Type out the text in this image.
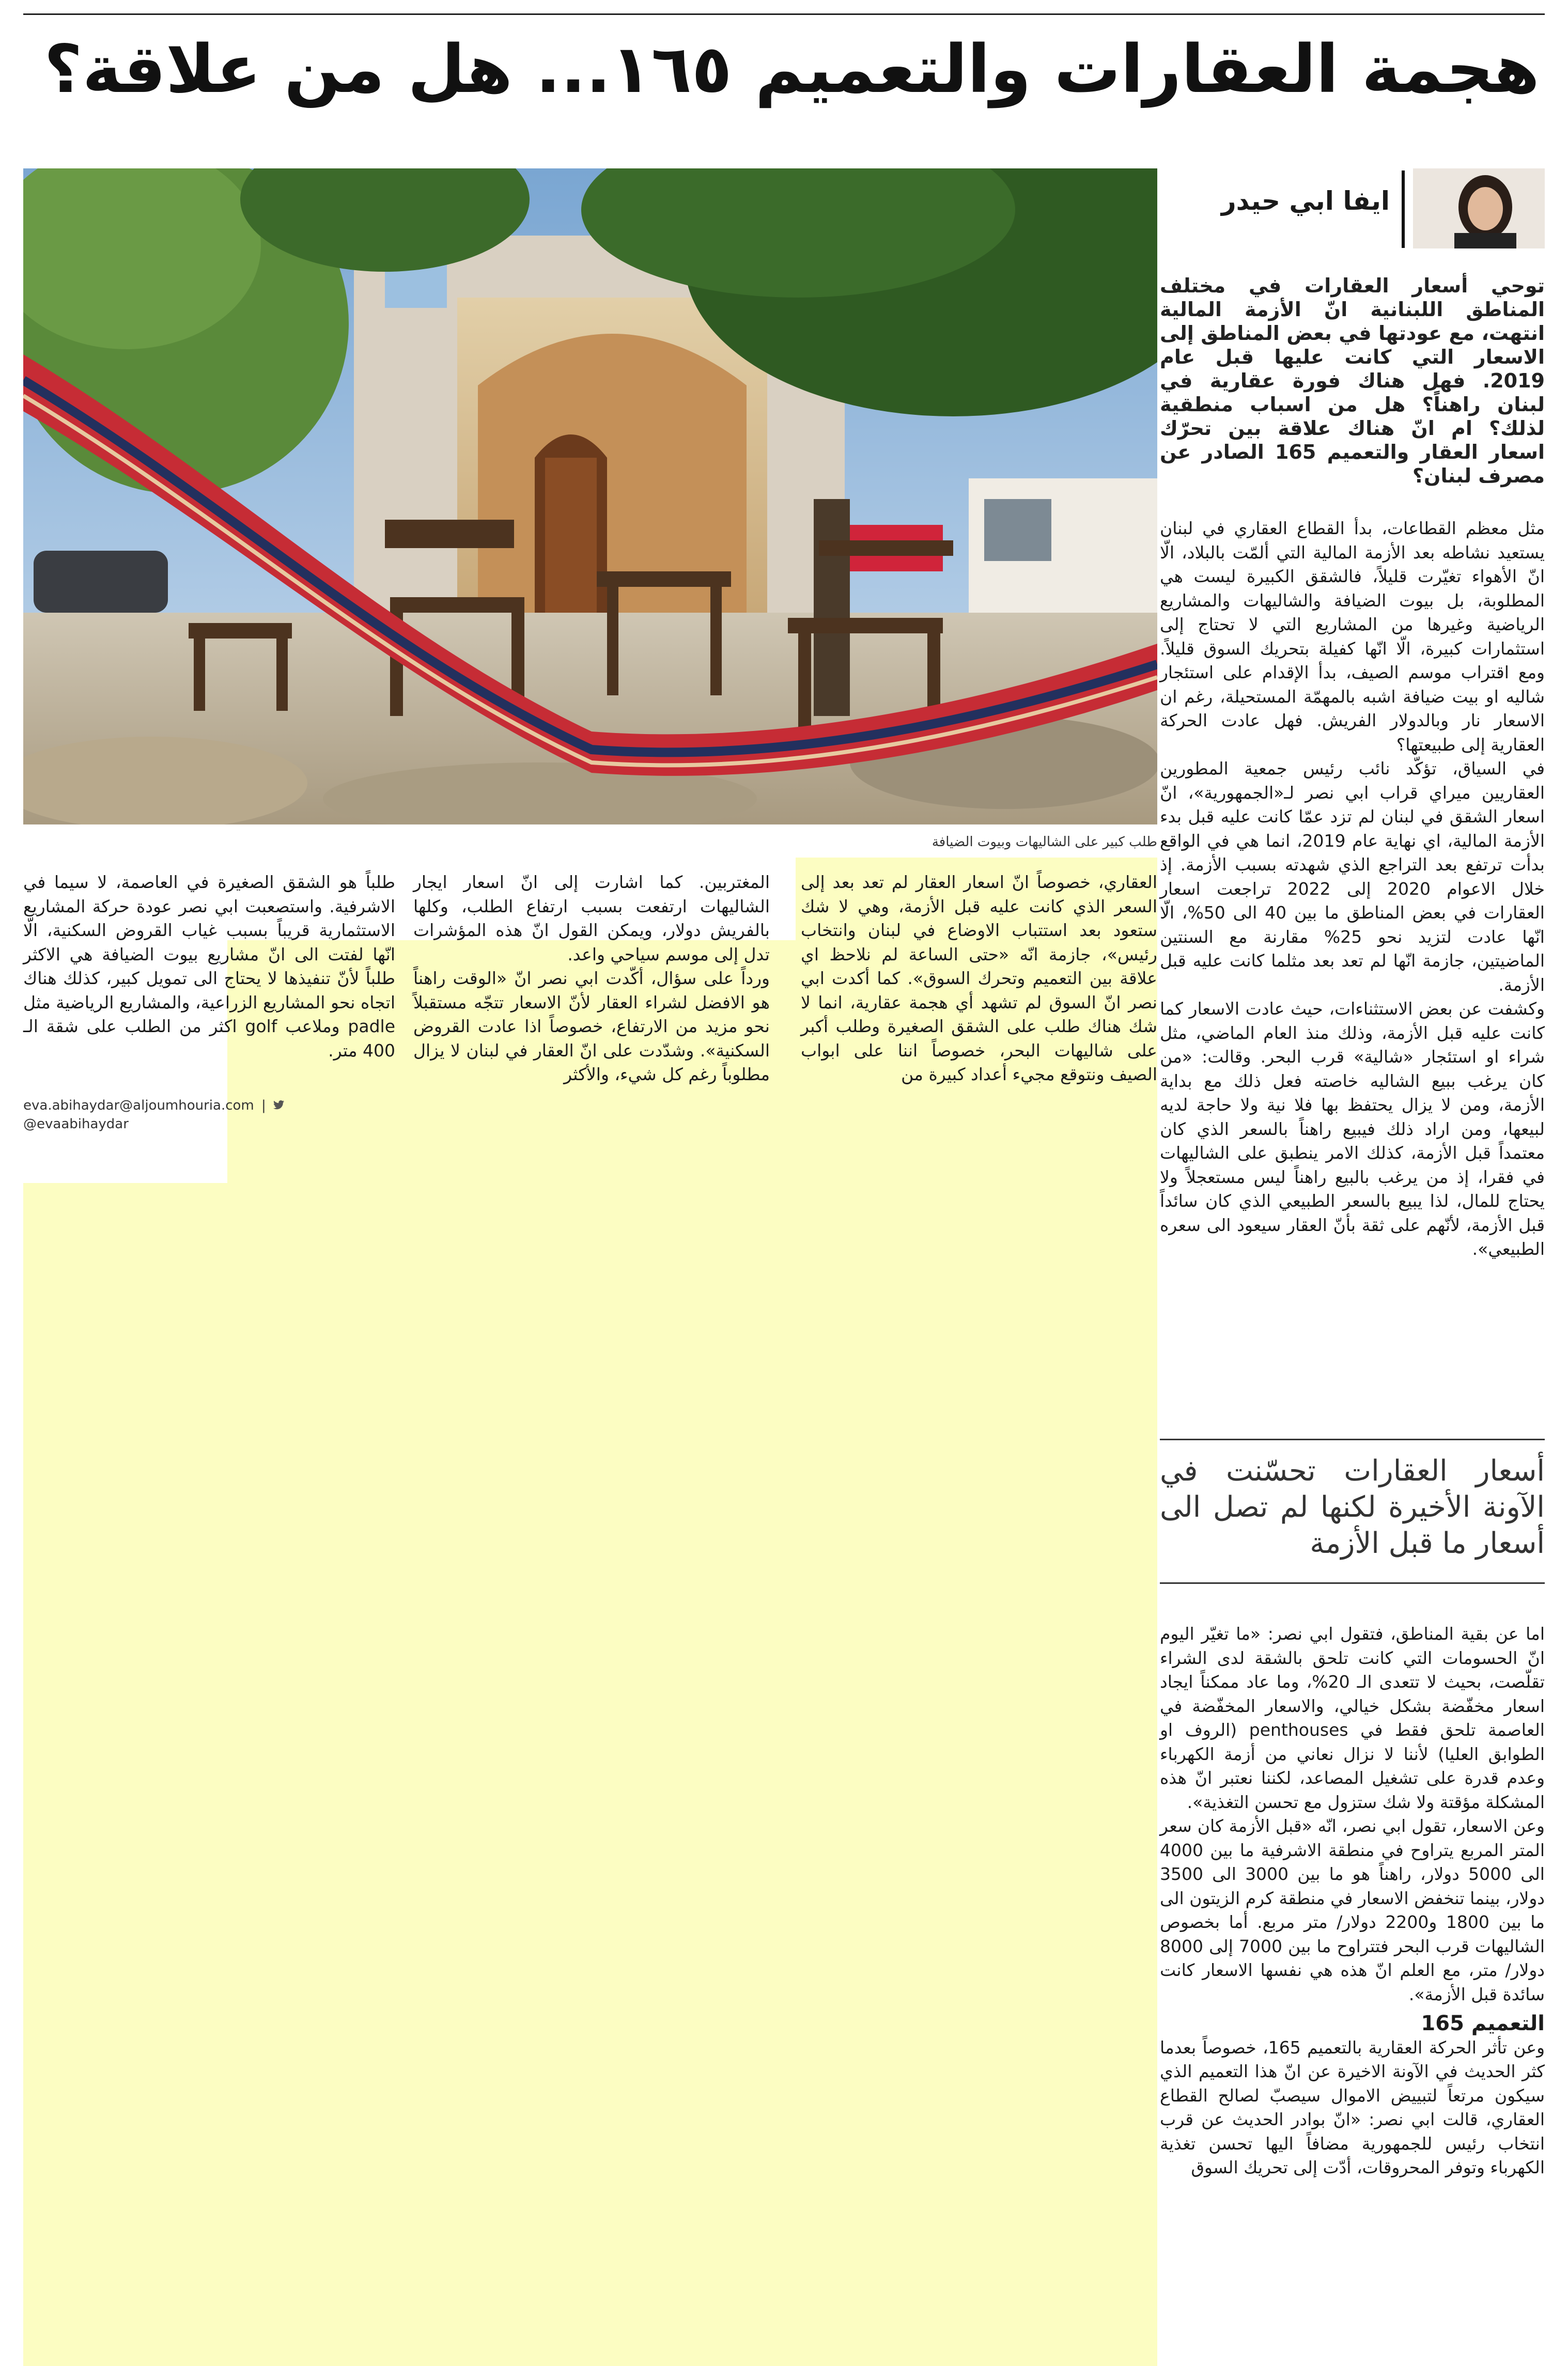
هجمة العقارات والتعميم ١٦٥... هل من علاقة؟
طلب كبير على الشاليهات وبيوت الضيافة
ايفا ابي حيدر
توحي أسعار العقارات في مختلف المناطق اللبنانية انّ الأزمة المالية انتهت، مع عودتها في بعض المناطق إلى الاسعار التي كانت عليها قبل عام 2019. فهل هناك فورة عقارية في لبنان راهناً؟ هل من اسباب منطقية لذلك؟ ام انّ هناك علاقة بين تحرّك اسعار العقار والتعميم 165 الصادر عن مصرف لبنان؟

مثل معظم القطاعات، بدأ القطاع العقاري في لبنان يستعيد نشاطه بعد الأزمة المالية التي ألمّت بالبلاد، الّا انّ الأهواء تغيّرت قليلاً، فالشقق الكبيرة ليست هي المطلوبة، بل بيوت الضيافة والشاليهات والمشاريع الرياضية وغيرها من المشاريع التي لا تحتاج إلى استثمارات كبيرة، الّا انّها كفيلة بتحريك السوق قليلاً. ومع اقتراب موسم الصيف، بدأ الإقدام على استئجار شاليه او بيت ضيافة اشبه بالمهمّة المستحيلة، رغم ان الاسعار نار وبالدولار الفريش. فهل عادت الحركة العقارية إلى طبيعتها؟

في السياق، تؤكّد نائب رئيس جمعية المطورين العقاريين ميراي قراب ابي نصر لـ«الجمهورية»، انّ اسعار الشقق في لبنان لم تزد عمّا كانت عليه قبل بدء الأزمة المالية، اي نهاية عام 2019، انما هي في الواقع بدأت ترتفع بعد التراجع الذي شهدته بسبب الأزمة. إذ خلال الاعوام 2020 إلى 2022 تراجعت اسعار العقارات في بعض المناطق ما بين 40 الى 50%، الّا انّها عادت لتزيد نحو 25% مقارنة مع السنتين الماضيتين، جازمة انّها لم تعد بعد مثلما كانت عليه قبل الأزمة.

وكشفت عن بعض الاستثناءات، حيث عادت الاسعار كما كانت عليه قبل الأزمة، وذلك منذ العام الماضي، مثل شراء او استئجار «شالية» قرب البحر. وقالت: «من كان يرغب ببيع الشاليه خاصته فعل ذلك مع بداية الأزمة، ومن لا يزال يحتفظ بها فلا نية ولا حاجة لديه لبيعها، ومن اراد ذلك فيبيع راهناً بالسعر الذي كان معتمداً قبل الأزمة، كذلك الامر ينطبق على الشاليهات في فقرا، إذ من يرغب بالبيع راهناً ليس مستعجلاً ولا يحتاج للمال، لذا يبيع بالسعر الطبيعي الذي كان سائداً قبل الأزمة، لأنّهم على ثقة بأنّ العقار سيعود الى سعره الطبيعي».

أسعار العقارات تحسّنت في الآونة الأخيرة لكنها لم تصل الى أسعار ما قبل الأزمة

اما عن بقية المناطق، فتقول ابي نصر: «ما تغيّر اليوم انّ الحسومات التي كانت تلحق بالشقة لدى الشراء تقلّصت، بحيث لا تتعدى الـ 20%، وما عاد ممكناً ايجاد اسعار مخفّضة بشكل خيالي، والاسعار المخفّضة في العاصمة تلحق فقط في penthouses (الروف او الطوابق العليا) لأننا لا نزال نعاني من أزمة الكهرباء وعدم قدرة على تشغيل المصاعد، لكننا نعتبر انّ هذه المشكلة مؤقتة ولا شك ستزول مع تحسن التغذية».

وعن الاسعار، تقول ابي نصر، انّه «قبل الأزمة كان سعر المتر المربع يتراوح في منطقة الاشرفية ما بين 4000 الى 5000 دولار، راهناً هو ما بين 3000 الى 3500 دولار، بينما تنخفض الاسعار في منطقة كرم الزيتون الى ما بين 1800 و2200 دولار/ متر مربع. أما بخصوص الشاليهات قرب البحر فتتراوح ما بين 7000 إلى 8000 دولار/ متر، مع العلم انّ هذه هي نفسها الاسعار كانت سائدة قبل الأزمة».

التعميم 165

وعن تأثر الحركة العقارية بالتعميم 165، خصوصاً بعدما كثر الحديث في الآونة الاخيرة عن انّ هذا التعميم الذي سيكون مرتعاً لتبييض الاموال سيصبّ لصالح القطاع العقاري، قالت ابي نصر: «انّ بوادر الحديث عن قرب انتخاب رئيس للجمهورية مضافاً اليها تحسن تغذية الكهرباء وتوفر المحروقات، أدّت إلى تحريك السوق

العقاري، خصوصاً انّ اسعار العقار لم تعد بعد إلى السعر الذي كانت عليه قبل الأزمة، وهي لا شك ستعود بعد استتباب الاوضاع في لبنان وانتخاب رئيس»، جازمة انّه «حتى الساعة لم نلاحظ اي علاقة بين التعميم وتحرك السوق». كما أكدت ابي نصر انّ السوق لم تشهد أي هجمة عقارية، انما لا شك هناك طلب على الشقق الصغيرة وطلب أكبر على شاليهات البحر، خصوصاً اننا على ابواب الصيف ونتوقع مجيء أعداد كبيرة من
المغتربين. كما اشارت إلى انّ اسعار ايجار الشاليهات ارتفعت بسبب ارتفاع الطلب، وكلها بالفريش دولار، ويمكن القول انّ هذه المؤشرات تدل إلى موسم سياحي واعد.
ورداً على سؤال، أكّدت ابي نصر انّ «الوقت راهناً هو الافضل لشراء العقار لأنّ الاسعار تتجّه مستقبلاً نحو مزيد من الارتفاع، خصوصاً اذا عادت القروض السكنية». وشدّدت على انّ العقار في لبنان لا يزال مطلوباً رغم كل شيء، والأكثر
طلباً هو الشقق الصغيرة في العاصمة، لا سيما في الاشرفية. واستصعبت ابي نصر عودة حركة المشاريع الاستثمارية قريباً بسبب غياب القروض السكنية، الّا انّها لفتت الى انّ مشاريع بيوت الضيافة هي الاكثر طلباً لأنّ تنفيذها لا يحتاج الى تمويل كبير، كذلك هناك اتجاه نحو المشاريع الزراعية، والمشاريع الرياضية مثل padle وملاعب golf اكثر من الطلب على شقة الـ 400 متر.
eva.abihaydar@aljoumhouria.com |  @evaabihaydar
